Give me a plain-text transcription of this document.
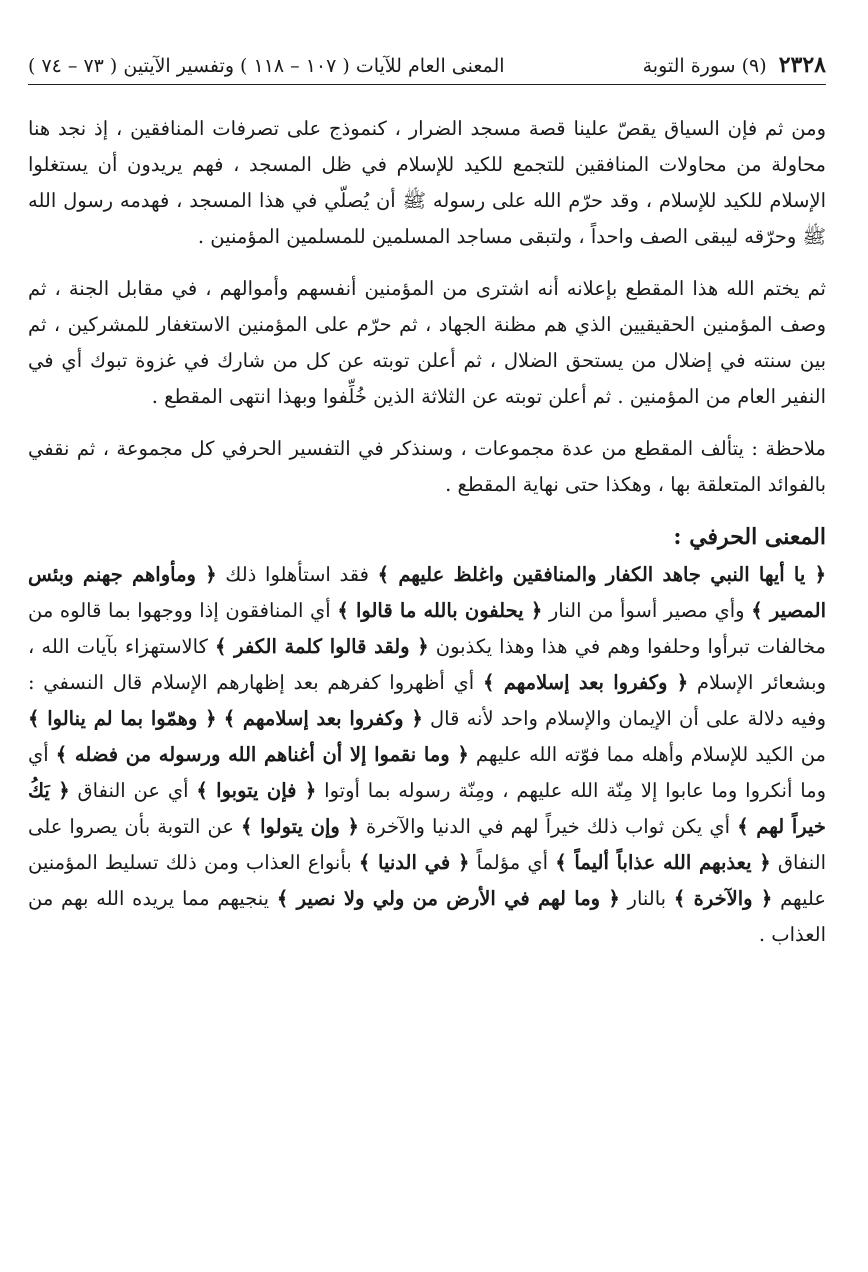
٢٣٢٨ (٩) سورة التوبة
المعنى العام للآيات ( ١٠٧ – ١١٨ ) وتفسير الآيتين ( ٧٣ – ٧٤ )

ومن ثم فإن السياق يقصّ علينا قصة مسجد الضرار ، كنموذج على تصرفات المنافقين ، إذ نجد هنا محاولة من محاولات المنافقين للتجمع للكيد للإسلام في ظل المسجد ، فهم يريدون أن يستغلوا الإسلام للكيد للإسلام ، وقد حرّم الله على رسوله ﷺ أن يُصلّي في هذا المسجد ، فهدمه رسول الله ﷺ وحرّقه ليبقى الصف واحداً ، ولتبقى مساجد المسلمين للمسلمين المؤمنين .

ثم يختم الله هذا المقطع بإعلانه أنه اشترى من المؤمنين أنفسهم وأموالهم ، في مقابل الجنة ، ثم وصف المؤمنين الحقيقيين الذي هم مظنة الجهاد ، ثم حرّم على المؤمنين الاستغفار للمشركين ، ثم بين سنته في إضلال من يستحق الضلال ، ثم أعلن توبته عن كل من شارك في غزوة تبوك أي في النفير العام من المؤمنين . ثم أعلن توبته عن الثلاثة الذين خُلِّفوا وبهذا انتهى المقطع .

ملاحظة : يتألف المقطع من عدة مجموعات ، وسنذكر في التفسير الحرفي كل مجموعة ، ثم نقفي بالفوائد المتعلقة بها ، وهكذا حتى نهاية المقطع .

المعنى الحرفي :

﴿ يا أيها النبي جاهد الكفار والمنافقين واغلظ عليهم ﴾ فقد استأهلوا ذلك ﴿ ومأواهم جهنم وبئس المصير ﴾ وأي مصير أسوأ من النار ﴿ يحلفون بالله ما قالوا ﴾ أي المنافقون إذا ووجهوا بما قالوه من مخالفات تبرأوا وحلفوا وهم في هذا وهذا يكذبون ﴿ ولقد قالوا كلمة الكفر ﴾ كالاستهزاء بآيات الله ، وبشعائر الإسلام ﴿ وكفروا بعد إسلامهم ﴾ أي أظهروا كفرهم بعد إظهارهم الإسلام قال النسفي : وفيه دلالة على أن الإيمان والإسلام واحد لأنه قال ﴿ وكفروا بعد إسلامهم ﴾ ﴿ وهمّوا بما لم ينالوا ﴾ من الكيد للإسلام وأهله مما فوّته الله عليهم ﴿ وما نقموا إلا أن أغناهم الله ورسوله من فضله ﴾ أي وما أنكروا وما عابوا إلا مِنّة الله عليهم ، ومِنّة رسوله بما أوتوا ﴿ فإن يتوبوا ﴾ أي عن النفاق ﴿ يَكُ خيراً لهم ﴾ أي يكن ثواب ذلك خيراً لهم في الدنيا والآخرة ﴿ وإن يتولوا ﴾ عن التوبة بأن يصروا على النفاق ﴿ يعذبهم الله عذاباً أليماً ﴾ أي مؤلماً ﴿ في الدنيا ﴾ بأنواع العذاب ومن ذلك تسليط المؤمنين عليهم ﴿ والآخرة ﴾ بالنار ﴿ وما لهم في الأرض من ولي ولا نصير ﴾ ينجيهم مما يريده الله بهم من العذاب .
